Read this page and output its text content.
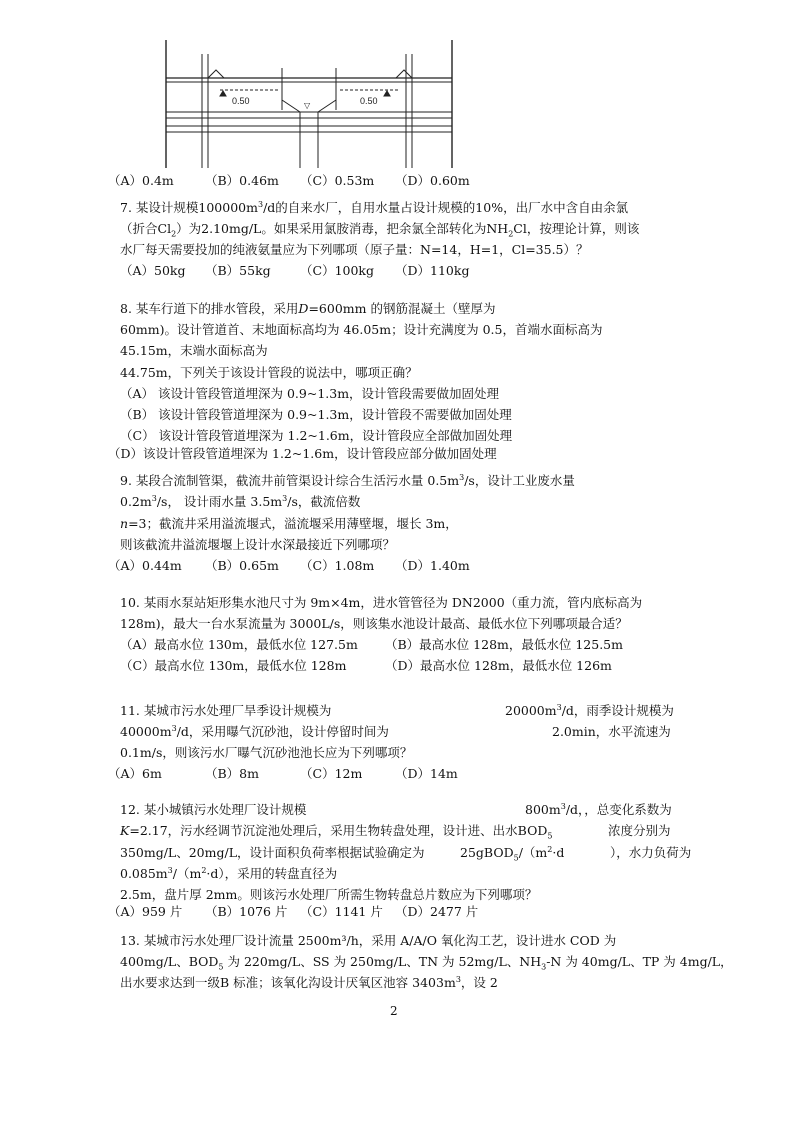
0.50	0.50
▽
（A）0.4m （B）0.46m （C）0.53m （D）0.60m
7. 某设计规模$100000m^3/d$的自来水厂，自用水量占设计规模的10%，出厂水中含自由余氯
（折合$Cl_2$）为2.10mg/L。如果采用氯胺消毒，把余氯全部转化为$NH_2Cl$，按理论计算，则该
水厂每天需要投加的纯液氨量应为下列哪项（原子量：N=14，H=1，Cl=35.5）？
（A）50kg （B）55kg （C）100kg （D）110kg
8. 某车行道下的排水管段，采用D=600mm 的钢筋混凝土（壁厚为
60mm)。设计管道首、末地面标高均为 46.05m；设计充满度为 0.5，首端水面标高为
45.15m，末端水面标高为
44.75m，下列关于该设计管段的说法中，哪项正确？
（A） 该设计管段管道埋深为 0.9~1.3m，设计管段需要做加固处理
（B） 该设计管段管道埋深为 0.9~1.3m，设计管段不需要做加固处理
（C） 该设计管段管道埋深为 1.2~1.6m，设计管段应全部做加固处理
（D）该设计管段管道埋深为 1.2~1.6m，设计管段应部分做加固处理
9. 某段合流制管渠，截流井前管渠设计综合生活污水量 $0.5m^3/s$，设计工业废水量
$0.2m^3/s$， 设计雨水量 $3.5m^3/s$，截流倍数
n=3；截流井采用溢流堰式，溢流堰采用薄壁堰，堰长 3m，
则该截流井溢流堰堰上设计水深最接近下列哪项？
（A）0.44m （B）0.65m （C）1.08m （D）1.40m
10. 某雨水泵站矩形集水池尺寸为 9m×4m，进水管管径为 DN2000（重力流，管内底标高为
128m)，最大一台水泵流量为 3000L/s，则该集水池设计最高、最低水位下列哪项最合适？
（A）最高水位 130m，最低水位 127.5m （B）最高水位 128m，最低水位 125.5m
（C）最高水位 130m，最低水位 128m	（D）最高水位 128m，最低水位 126m
11. 某城市污水处理厂旱季设计规模为	$20000m^3/d$，雨季设计规模为
$40000m^3/d$，采用曝气沉砂池，设计停留时间为	2.0min，水平流速为
0.1m/s，则该污水厂曝气沉砂池池长应为下列哪项？
（A）6m	（B）8m	（C）12m	（D）14m
12. 某小城镇污水处理厂设计规模	$800m^3/d$，，总变化系数为
K=2.17，污水经调节沉淀池处理后，采用生物转盘处理，设计进、出水$BOD_5$	浓度分别为
350mg/L、20mg/L，设计面积负荷率根据试验确定为	$25gBOD_5/(m^2\cdot d$	），水力负荷为
$0.085m^3/(m^2\cdot d)$，采用的转盘直径为
2.5m，盘片厚 2mm。则该污水处理厂所需生物转盘总片数应为下列哪项？
（A）959 片 （B）1076 片 （C）1141 片 （D）2477 片
13. 某城市污水处理厂设计流量 2500m³/h，采用 A/A/O 氧化沟工艺，设计进水 COD 为
400mg/L、$BOD_5$ 为 220mg/L、SS 为 250mg/L、TN 为 52mg/L、$NH_3-N$ 为 40mg/L、TP 为 4mg/L，
出水要求达到一级B 标准；该氧化沟设计厌氧区池容 $3403m^3$，设 2
2
